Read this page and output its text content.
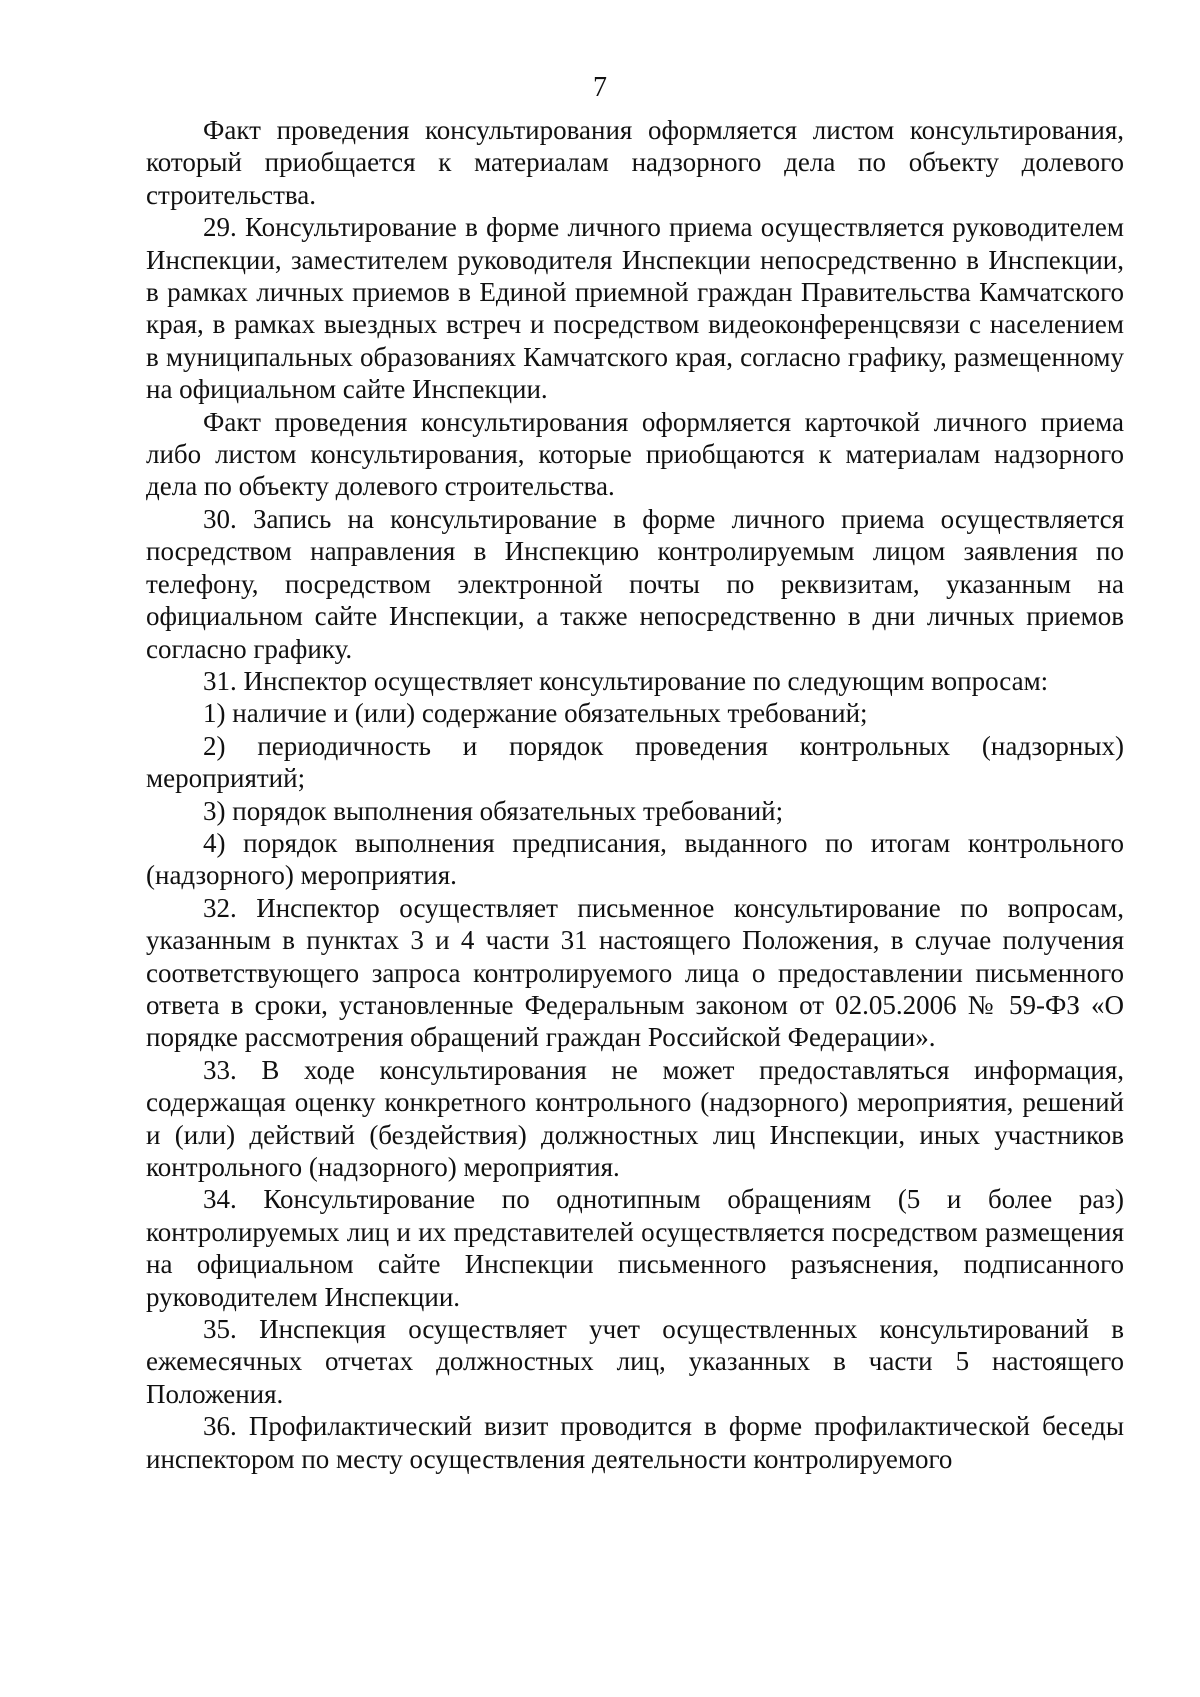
7

Факт проведения консультирования оформляется листом консультирования, который приобщается к материалам надзорного дела по объекту долевого строительства.

29. Консультирование в форме личного приема осуществляется руководителем Инспекции, заместителем руководителя Инспекции непосредственно в Инспекции, в рамках личных приемов в Единой приемной граждан Правительства Камчатского края, в рамках выездных встреч и посредством видеоконференцсвязи с населением в муниципальных образованиях Камчатского края, согласно графику, размещенному на официальном сайте Инспекции.

Факт проведения консультирования оформляется карточкой личного приема либо листом консультирования, которые приобщаются к материалам надзорного дела по объекту долевого строительства.

30. Запись на консультирование в форме личного приема осуществляется посредством направления в Инспекцию контролируемым лицом заявления по телефону, посредством электронной почты по реквизитам, указанным на официальном сайте Инспекции, а также непосредственно в дни личных приемов согласно графику.

31. Инспектор осуществляет консультирование по следующим вопросам:

1) наличие и (или) содержание обязательных требований;

2) периодичность и порядок проведения контрольных (надзорных) мероприятий;

3) порядок выполнения обязательных требований;

4) порядок выполнения предписания, выданного по итогам контрольного (надзорного) мероприятия.

32. Инспектор осуществляет письменное консультирование по вопросам, указанным в пунктах 3 и 4 части 31 настоящего Положения, в случае получения соответствующего запроса контролируемого лица о предоставлении письменного ответа в сроки, установленные Федеральным законом от 02.05.2006 № 59-ФЗ «О порядке рассмотрения обращений граждан Российской Федерации».

33. В ходе консультирования не может предоставляться информация, содержащая оценку конкретного контрольного (надзорного) мероприятия, решений и (или) действий (бездействия) должностных лиц Инспекции, иных участников контрольного (надзорного) мероприятия.

34. Консультирование по однотипным обращениям (5 и более раз) контролируемых лиц и их представителей осуществляется посредством размещения на официальном сайте Инспекции письменного разъяснения, подписанного руководителем Инспекции.

35. Инспекция осуществляет учет осуществленных консультирований в ежемесячных отчетах должностных лиц, указанных в части 5 настоящего Положения.

36. Профилактический визит проводится в форме профилактической беседы инспектором по месту осуществления деятельности контролируемого
